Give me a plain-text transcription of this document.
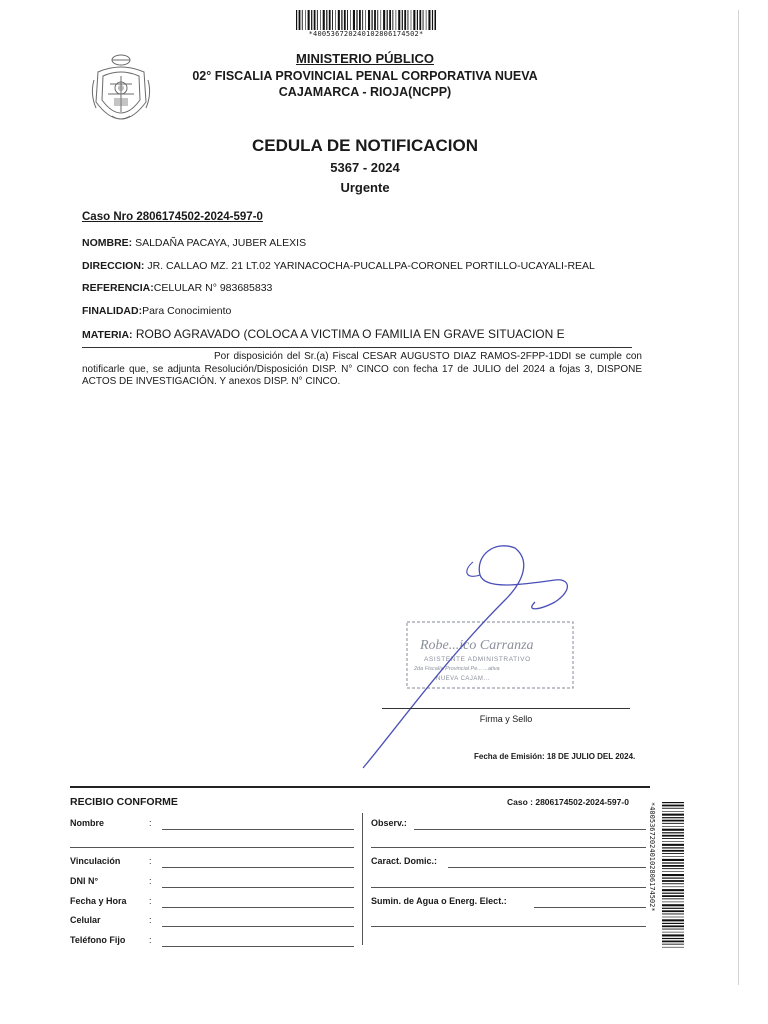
*400536720240102806174502*
MINISTERIO PÚBLICO
02° FISCALIA PROVINCIAL PENAL CORPORATIVA NUEVA
CAJAMARCA - RIOJA(NCPP)
CEDULA DE NOTIFICACION
5367 - 2024
Urgente
Caso Nro 2806174502-2024-597-0
NOMBRE: SALDAÑA PACAYA, JUBER ALEXIS
DIRECCION: JR. CALLAO MZ. 21 LT.02 YARINACOCHA-PUCALLPA-CORONEL PORTILLO-UCAYALI-REAL
REFERENCIA:CELULAR N° 983685833
FINALIDAD:Para Conocimiento
MATERIA: ROBO AGRAVADO (COLOCA A VICTIMA O FAMILIA EN GRAVE SITUACION E
Por disposición del Sr.(a) Fiscal CESAR AUGUSTO DIAZ RAMOS-2FPP-1DDI se cumple con notificarle que, se adjunta Resolución/Disposición DISP. N° CINCO con fecha 17 de JULIO del 2024 a fojas 3, DISPONE ACTOS DE INVESTIGACIÓN. Y anexos DISP. N° CINCO.
Robe...ico Carranza
ASISTENTE ADMINISTRATIVO
2da Fiscalía Provincial Pe... ...ativa
NUEVA CAJAM...
Firma y Sello
Fecha de Emisión: 18 DE JULIO DEL 2024.
RECIBIO CONFORME	Caso : 2806174502-2024-597-0
Nombre
Vinculación
DNI N°
Fecha y Hora
Celular
Teléfono Fijo
:
:
:
:
:
:
Observ.:
Caract. Domic.:
Sumin. de Agua o Energ. Elect.:	*400536720240102806174502*
